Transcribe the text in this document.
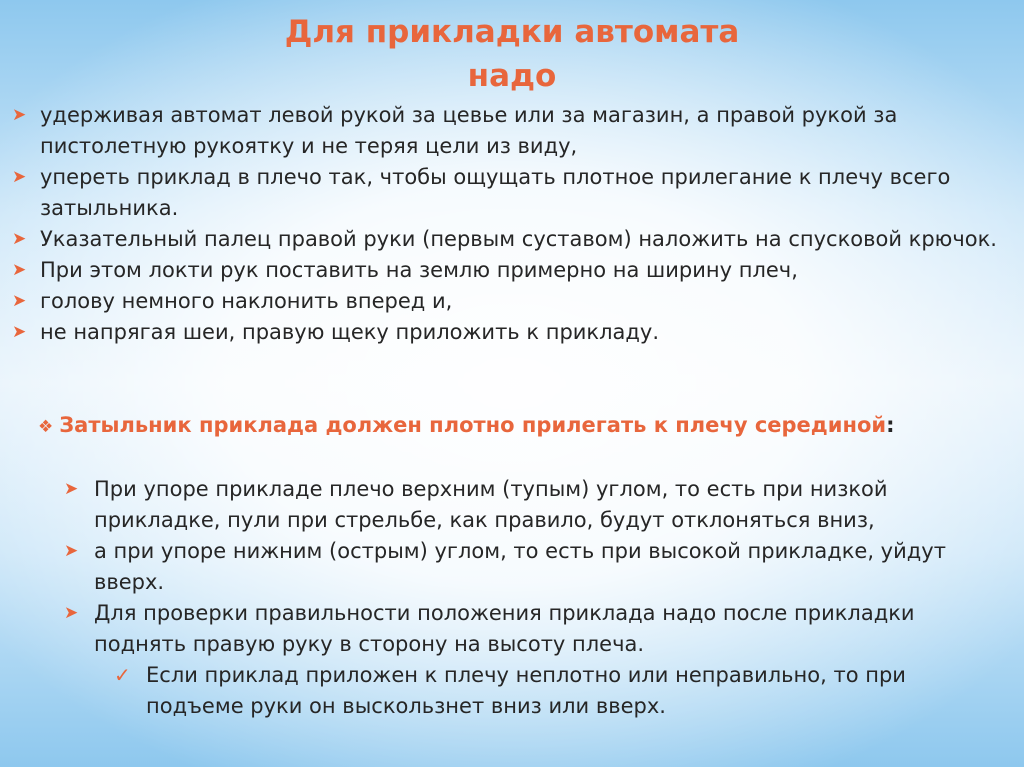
Для прикладки автомата
надо
➤ удерживая автомат левой рукой за цевье или за магазин, а правой рукой за пистолетную рукоятку и не теряя цели из виду,
➤ упереть приклад в плечо так, чтобы ощущать плотное прилегание к плечу всего затыльника.
➤ Указательный палец правой руки (первым суставом) наложить на спусковой крючок.
➤ При этом локти рук поставить на землю примерно на ширину плеч,
➤ голову немного наклонить вперед и,
➤ не напрягая шеи, правую щеку приложить к прикладу.
❖ Затыльник приклада должен плотно прилегать к плечу серединой:
➤ При упоре прикладе плечо верхним (тупым) углом, то есть при низкой прикладке, пули при стрельбе, как правило, будут отклоняться вниз,
➤ а при упоре нижним (острым) углом, то есть при высокой прикладке, уйдут вверх.
➤ Для проверки правильности положения приклада надо после прикладки поднять правую руку в сторону на высоту плеча.
✓ Если приклад приложен к плечу неплотно или неправильно, то при подъеме руки он выскользнет вниз или вверх.
